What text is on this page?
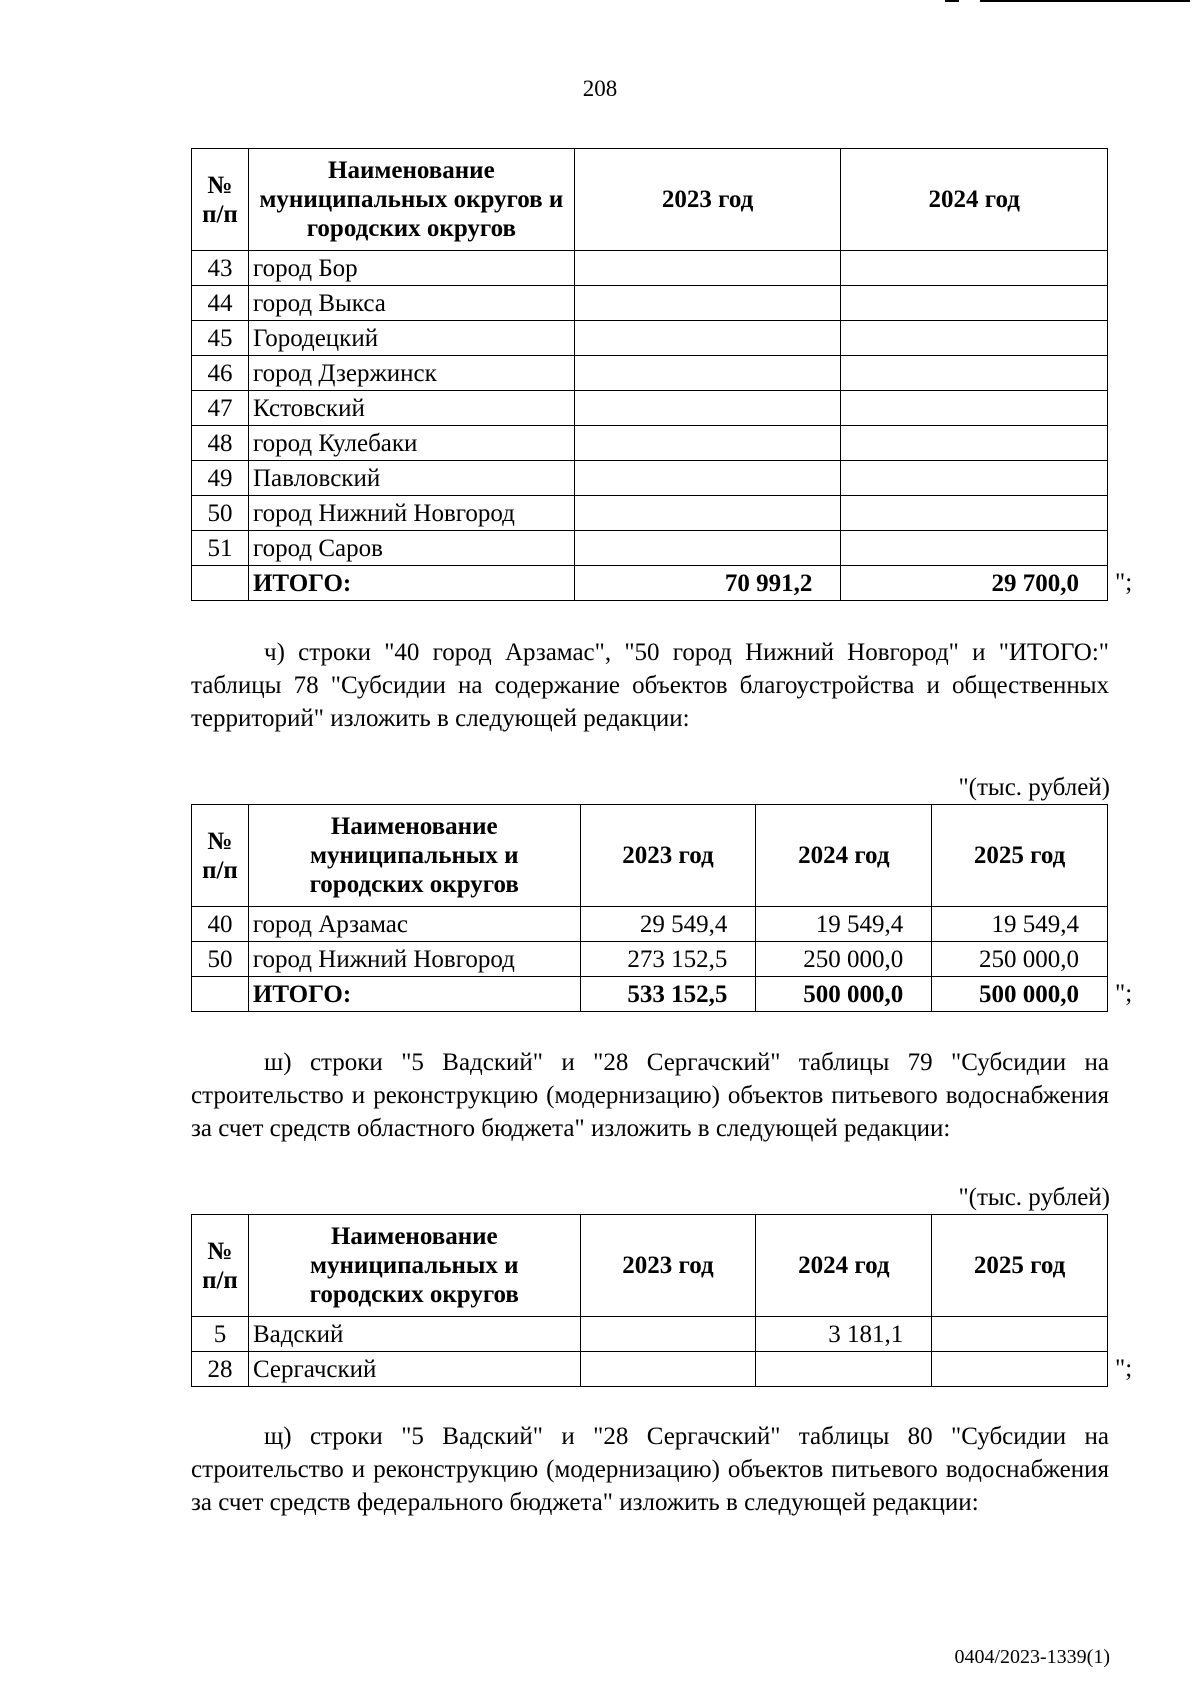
208
№ п/п	Наименование муниципальных округов и городских округов	2023 год	2024 год
43	город Бор		
44	город Выкса		
45	Городецкий		
46	город Дзержинск		
47	Кстовский		
48	город Кулебаки		
49	Павловский		
50	город Нижний Новгород		
51	город Саров		
	ИТОГО:	70 991,2	29 700,0 ";
ч) строки "40 город Арзамас", "50 город Нижний Новгород" и "ИТОГО:" таблицы 78 "Субсидии на содержание объектов благоустройства и общественных территорий" изложить в следующей редакции:
"(тыс. рублей)
№ п/п	Наименование муниципальных и городских округов	2023 год	2024 год	2025 год
40	город Арзамас	29 549,4	19 549,4	19 549,4
50	город Нижний Новгород	273 152,5	250 000,0	250 000,0
	ИТОГО:	533 152,5	500 000,0	500 000,0 ";
ш) строки "5 Вадский" и "28 Сергачский" таблицы 79 "Субсидии на строительство и реконструкцию (модернизацию) объектов питьевого водоснабжения за счет средств областного бюджета" изложить в следующей редакции:
"(тыс. рублей)
№ п/п	Наименование муниципальных и городских округов	2023 год	2024 год	2025 год
5	Вадский		3 181,1	
28	Сергачский				";
щ) строки "5 Вадский" и "28 Сергачский" таблицы 80 "Субсидии на строительство и реконструкцию (модернизацию) объектов питьевого водоснабжения за счет средств федерального бюджета" изложить в следующей редакции:
0404/2023-1339(1)
